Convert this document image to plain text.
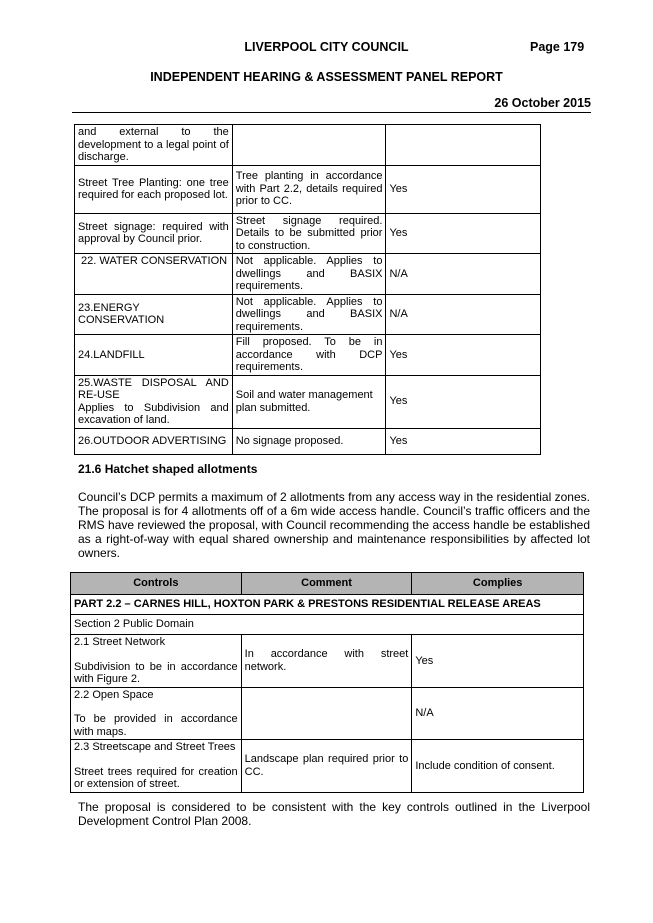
LIVERPOOL CITY COUNCIL	Page 179
INDEPENDENT HEARING & ASSESSMENT PANEL REPORT
26 October 2015
and external to the development to a legal point of discharge.		
Street Tree Planting: one tree required for each proposed lot.	Tree planting in accordance with Part 2.2, details required prior to CC.	Yes
Street signage: required with approval by Council prior.	Street signage required. Details to be submitted prior to construction.	Yes
22. WATER CONSERVATION	Not applicable. Applies to dwellings and BASIX requirements.	N/A
23.ENERGY CONSERVATION	Not applicable. Applies to dwellings and BASIX requirements.	N/A
24.LANDFILL	Fill proposed. To be in accordance with DCP requirements.	Yes

25.WASTE DISPOSAL AND RE-USE
Applies to Subdivision and excavation of land.	Soil and water management plan submitted.	Yes
26.OUTDOOR ADVERTISING	No signage proposed.	Yes
21.6 Hatchet shaped allotments
Council’s DCP permits a maximum of 2 allotments from any access way in the residential zones. The proposal is for 4 allotments off of a 6m wide access handle. Council’s traffic officers and the RMS have reviewed the proposal, with Council recommending the access handle be established as a right-of-way with equal shared ownership and maintenance responsibilities by affected lot owners.
Controls	Comment	Complies
PART 2.2 – CARNES HILL, HOXTON PARK & PRESTONS RESIDENTIAL RELEASE AREAS		
Section 2 Public Domain		

2.1 Street Network
Subdivision to be in accordance with Figure 2.	In accordance with street network.	Yes

2.2 Open Space
To be provided in accordance with maps.		N/A

2.3 Streetscape and Street Trees
Street trees required for creation or extension of street.	Landscape plan required prior to CC.	Include condition of consent.
The proposal is considered to be consistent with the key controls outlined in the Liverpool Development Control Plan 2008.
